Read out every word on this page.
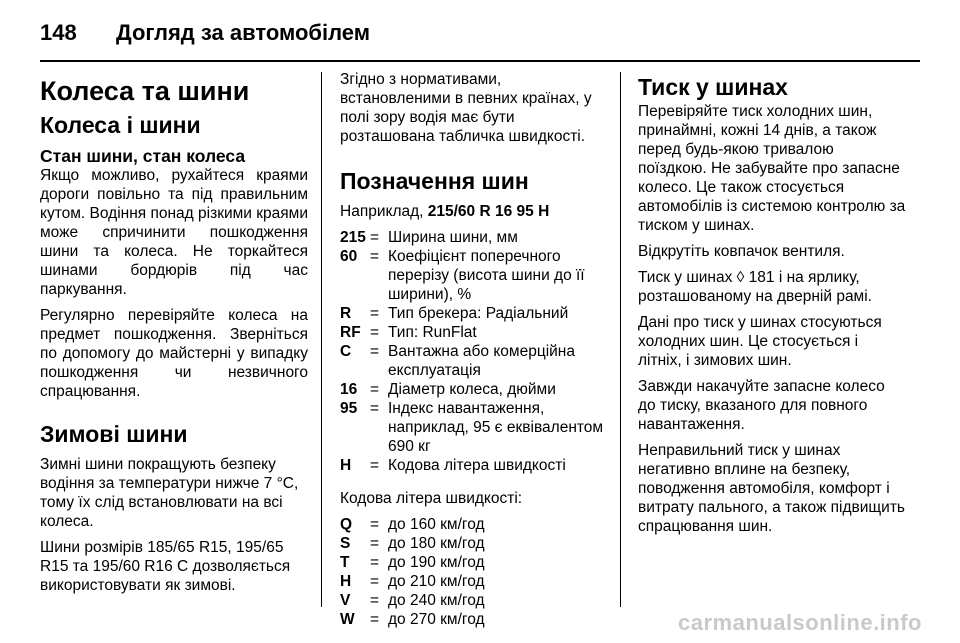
148	Догляд за автомобілем
Колеса та шини
Колеса і шини
Стан шини, стан колеса

Якщо можливо, рухайтеся краями дороги повільно та під правильним кутом. Водіння понад різкими краями може спричинити пошкодження шини та колеса. Не торкайтеся шинами бордюрів під час паркування.

Регулярно перевіряйте колеса на предмет пошкодження. Зверніться по допомогу до майстерні у випадку пошкодження чи незвичного спрацювання.

Зимові шини

Зимні шини покращують безпеку водіння за температури нижче 7 °C, тому їх слід встановлювати на всі колеса.

Шини розмірів 185/65 R15, 195/65 R15 та 195/60 R16 C дозволяється використовувати як зимові.

Згідно з нормативами, встановленими в певних країнах, у полі зору водія має бути розташована табличка швидкості.

Позначення шин

Наприклад, 215/60 R 16 95 H

215 = Ширина шини, мм
60 = Коефіцієнт поперечного перерізу (висота шини до її ширини), %
R	= Тип брекера: Радіальний
RF = Тип: RunFlat
C	= Вантажна або комерційна експлуатація
16 = Діаметр колеса, дюйми
95 = Індекс навантаження, наприклад, 95 є еквівалентом 690 кг
H	= Кодова літера швидкості

Кодова літера швидкості:

Q	= до 160 км/год
S	= до 180 км/год
T	= до 190 км/год
H	= до 210 км/год
V	= до 240 км/год
W = до 270 км/год
Тиск у шинах

Перевіряйте тиск холодних шин, принаймні, кожні 14 днів, а також перед будь-якою тривалою поїздкою. Не забувайте про запасне колесо. Це також стосується автомобілів із системою контролю за тиском у шинах.

Відкрутіть ковпачок вентиля.

Тиск у шинах ◊ 181 і на ярлику, розташованому на дверній рамі.

Дані про тиск у шинах стосуються холодних шин. Це стосується і літніх, і зимових шин.

Завжди накачуйте запасне колесо до тиску, вказаного для повного навантаження.

Неправильний тиск у шинах негативно вплине на безпеку, поводження автомобіля, комфорт і витрату пального, а також підвищить спрацювання шин.

carmanualsonline.info
